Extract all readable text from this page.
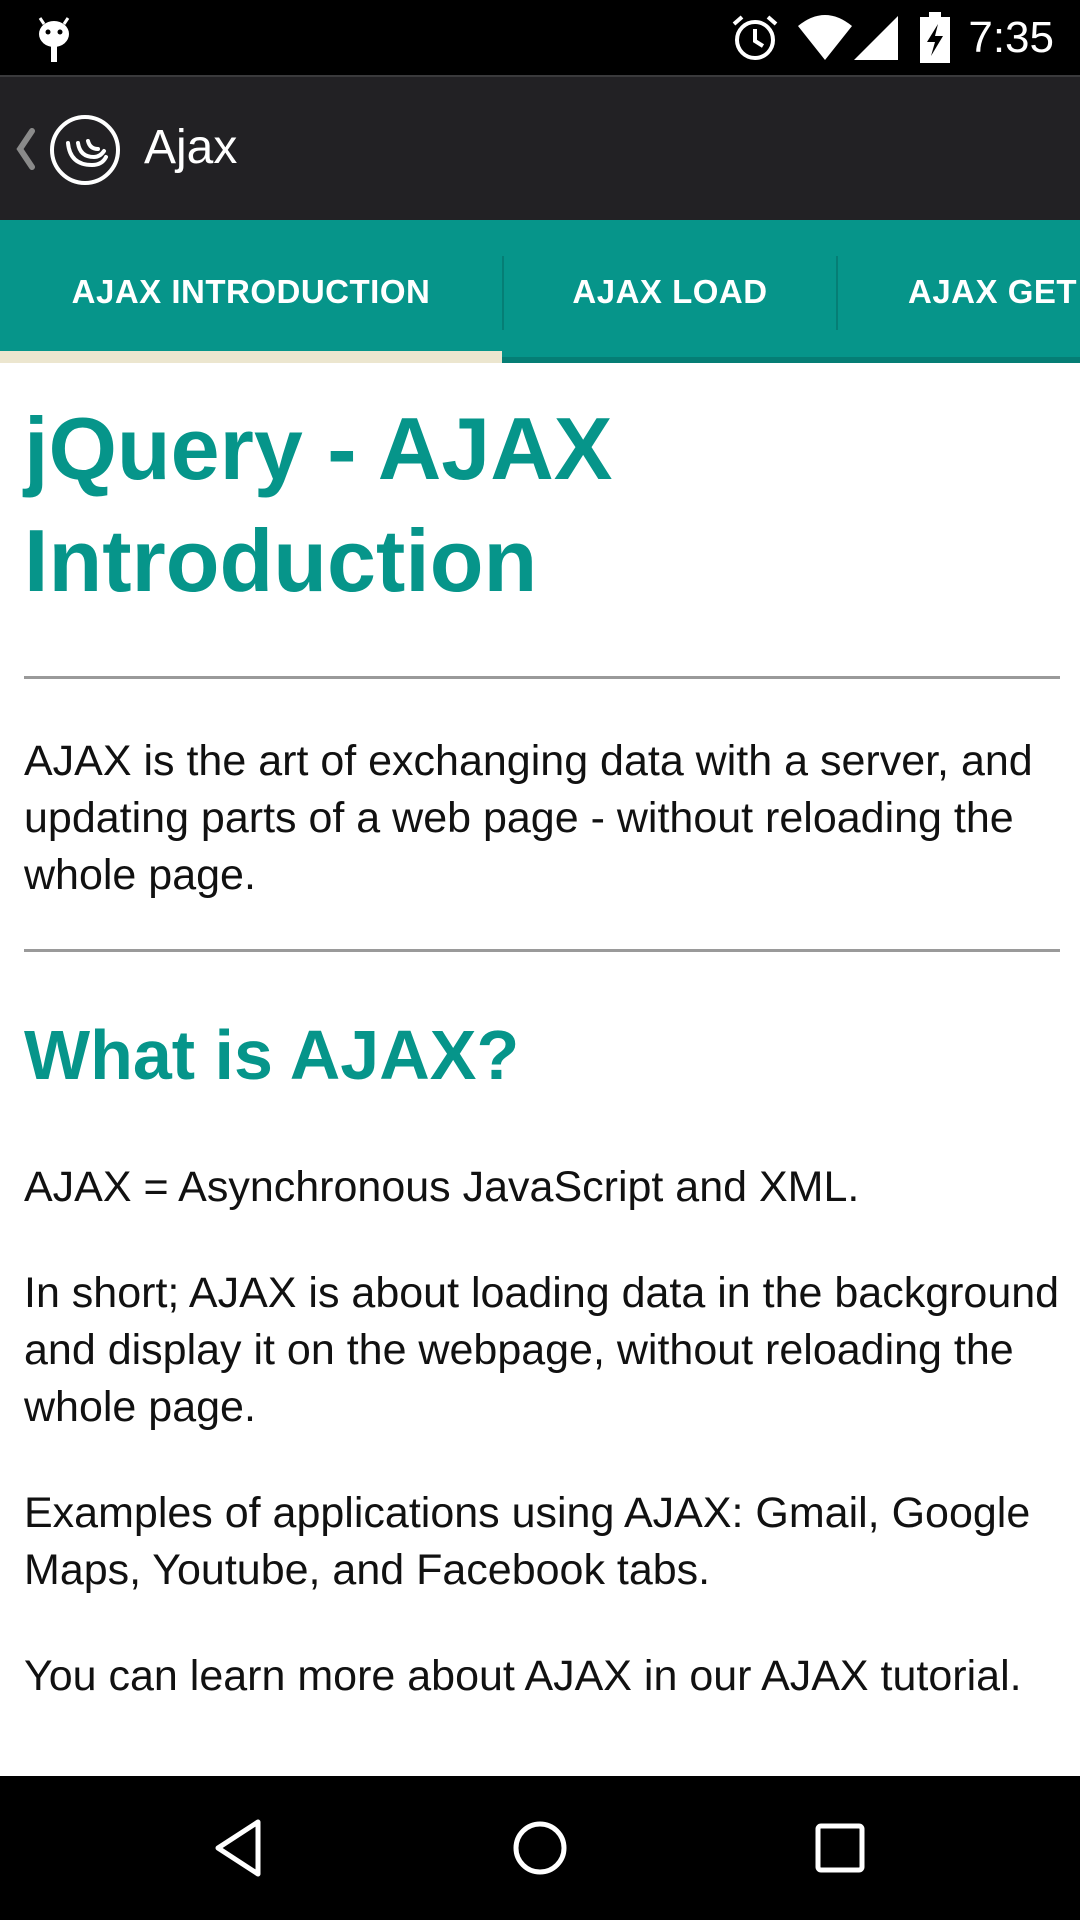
7:35
Ajax
AJAX INTRODUCTION	AJAX LOAD	AJAX GET
jQuery - AJAX Introduction

AJAX is the art of exchanging data with a server, and updating parts of a web page - without reloading the whole page.

What is AJAX?

AJAX = Asynchronous JavaScript and XML.

In short; AJAX is about loading data in the background and display it on the webpage, without reloading the whole page.

Examples of applications using AJAX: Gmail, Google Maps, Youtube, and Facebook tabs.

You can learn more about AJAX in our AJAX tutorial.
